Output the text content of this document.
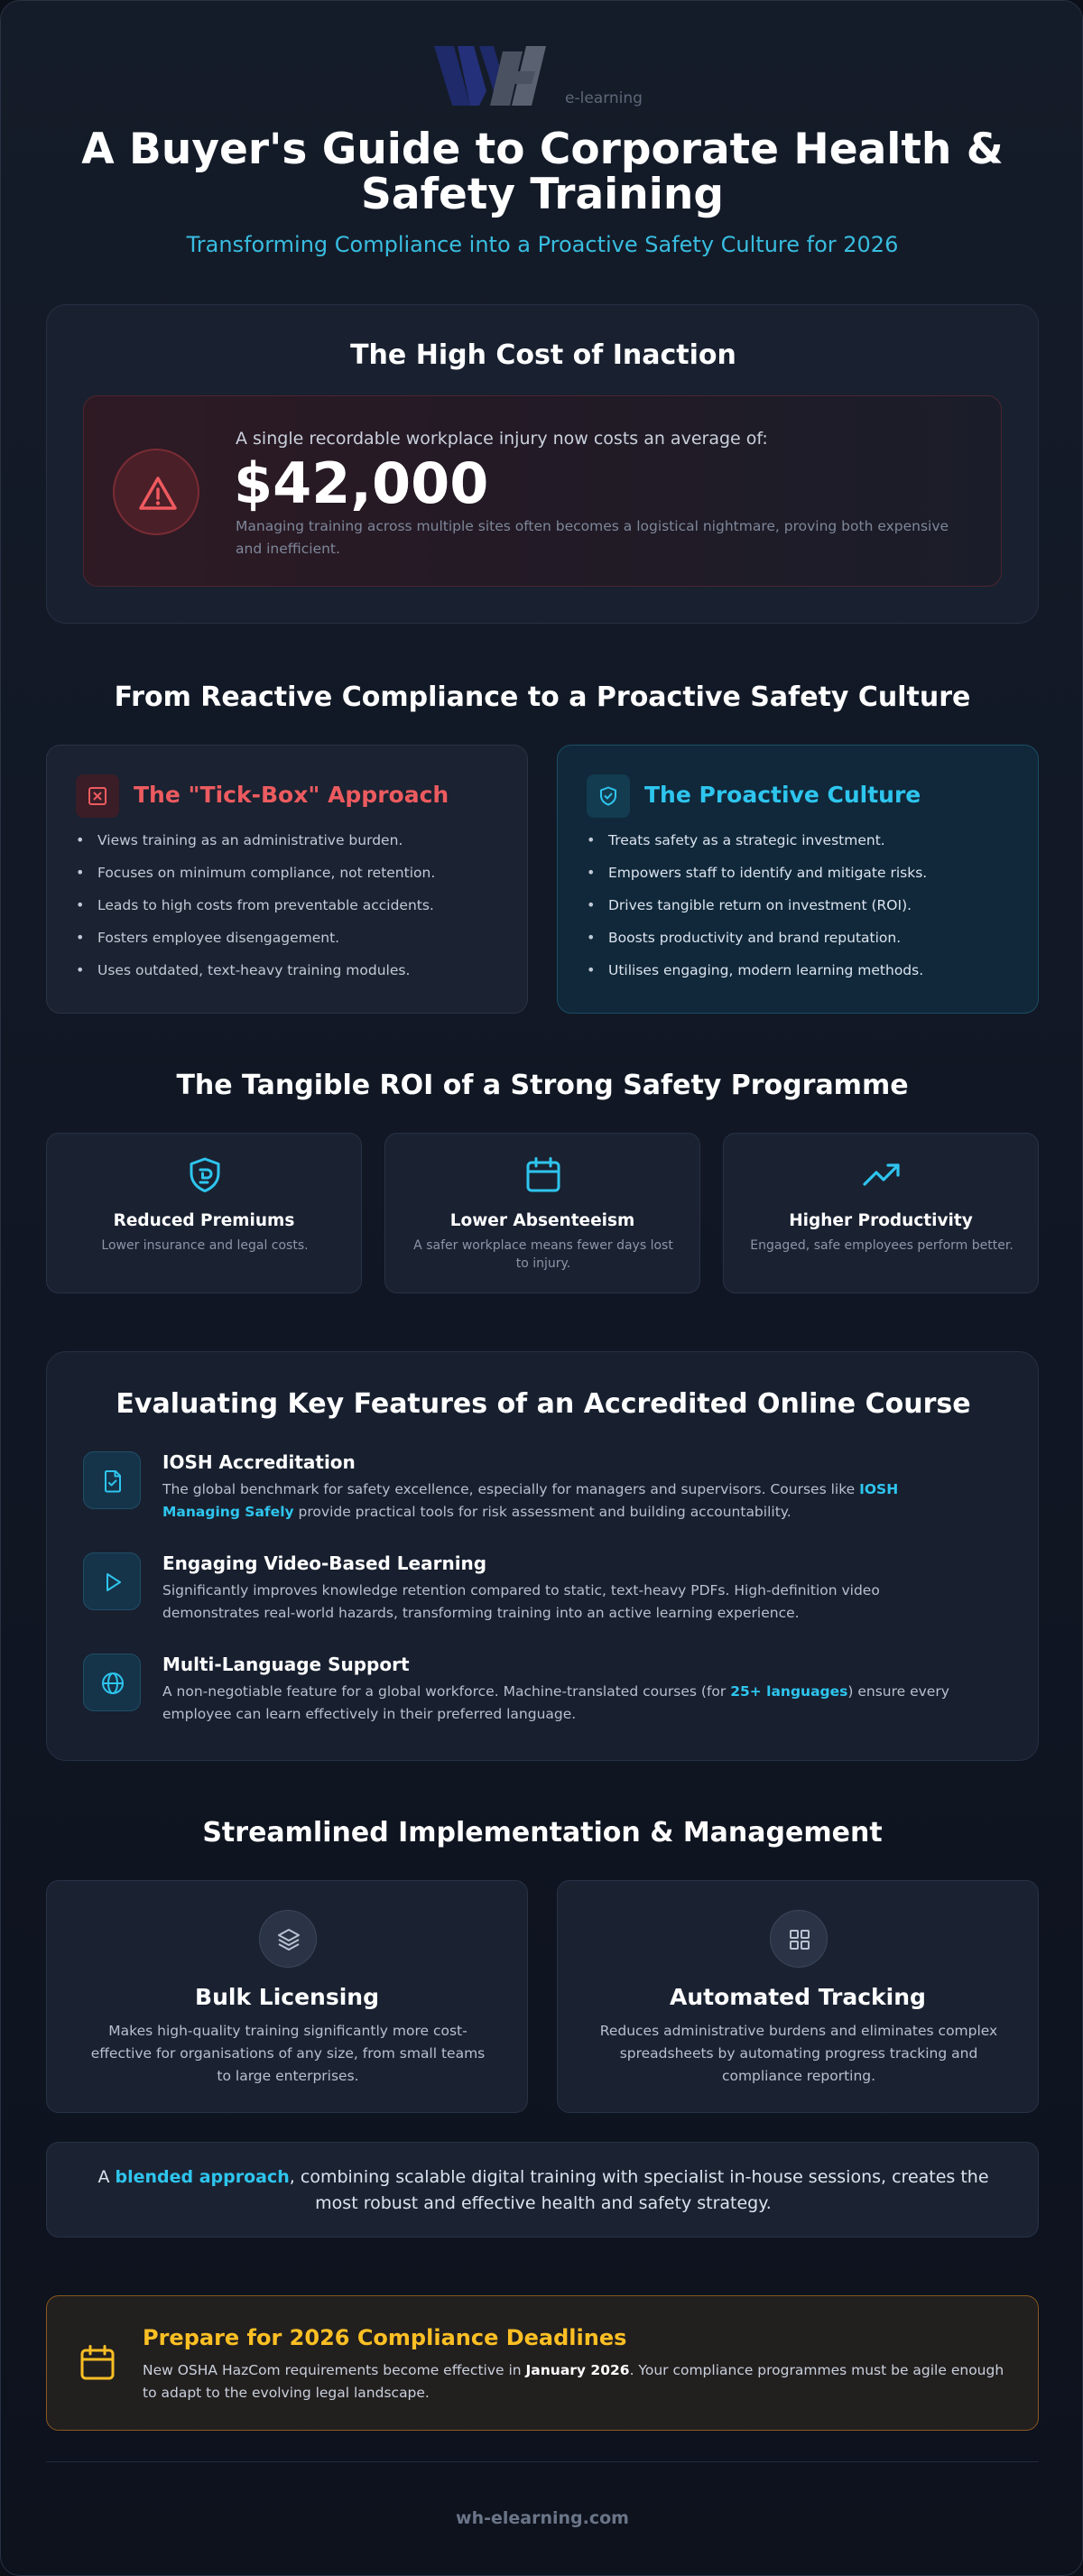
e-learning
A Buyer's Guide to Corporate Health & Safety Training
Transforming Compliance into a Proactive Safety Culture for 2026
The High Cost of Inaction
A single recordable workplace injury now costs an average of:
$42,000
Managing training across multiple sites often becomes a logistical nightmare, proving both expensive and inefficient.
From Reactive Compliance to a Proactive Safety Culture
The "Tick-Box" Approach
• Views training as an administrative burden.
• Focuses on minimum compliance, not retention.
• Leads to high costs from preventable accidents.
• Fosters employee disengagement.
• Uses outdated, text-heavy training modules.
The Proactive Culture
• Treats safety as a strategic investment.
• Empowers staff to identify and mitigate risks.
• Drives tangible return on investment (ROI).
• Boosts productivity and brand reputation.
• Utilises engaging, modern learning methods.
The Tangible ROI of a Strong Safety Programme
Reduced Premiums
Lower insurance and legal costs.
Lower Absenteeism
A safer workplace means fewer days lost to injury.
Higher Productivity
Engaged, safe employees perform better.
Evaluating Key Features of an Accredited Online Course
IOSH Accreditation
The global benchmark for safety excellence, especially for managers and supervisors. Courses like IOSH Managing Safely provide practical tools for risk assessment and building accountability.
Engaging Video-Based Learning
Significantly improves knowledge retention compared to static, text-heavy PDFs. High-definition video demonstrates real-world hazards, transforming training into an active learning experience.
Multi-Language Support
A non-negotiable feature for a global workforce. Machine-translated courses (for 25+ languages) ensure every employee can learn effectively in their preferred language.
Streamlined Implementation & Management
Bulk Licensing
Makes high-quality training significantly more cost-effective for organisations of any size, from small teams to large enterprises.
Automated Tracking
Reduces administrative burdens and eliminates complex spreadsheets by automating progress tracking and compliance reporting.
A blended approach, combining scalable digital training with specialist in-house sessions, creates the most robust and effective health and safety strategy.
Prepare for 2026 Compliance Deadlines
New OSHA HazCom requirements become effective in January 2026. Your compliance programmes must be agile enough to adapt to the evolving legal landscape.
wh-elearning.com
